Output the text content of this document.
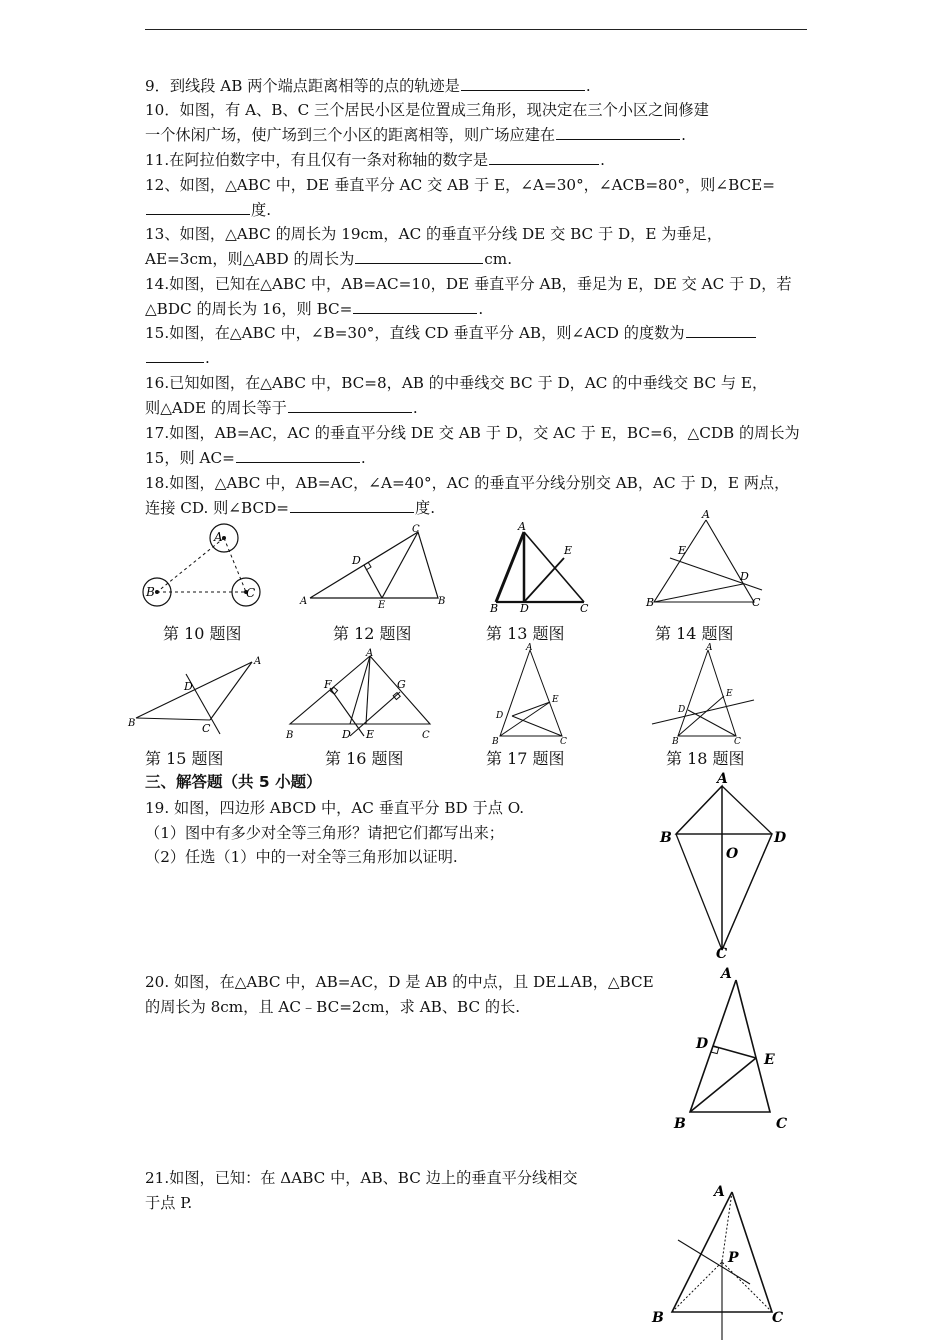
9．到线段 AB 两个端点距离相等的点的轨迹是	.
10．如图，有 A、B、C 三个居民小区是位置成三角形，现决定在三个小区之间修建
一个休闲广场，使广场到三个小区的距离相等，则广场应建在	.
11.在阿拉伯数字中，有且仅有一条对称轴的数字是	.
12、如图，△ABC 中，DE 垂直平分 AC 交 AB 于 E，∠A=30°，∠ACB=80°，则∠BCE=
度.
13、如图，△ABC 的周长为 19cm，AC 的垂直平分线 DE 交 BC 于 D，E 为垂足，
AE=3cm，则△ABD 的周长为	cm.
14.如图，已知在△ABC 中，AB=AC=10，DE 垂直平分 AB，垂足为 E，DE 交 AC 于 D，若
△BDC 的周长为 16，则 BC=	.
15.如图，在△ABC 中，∠B=30°，直线 CD 垂直平分 AB，则∠ACD 的度数为
.
16.已知如图，在△ABC 中，BC=8，AB 的中垂线交 BC 于 D，AC 的中垂线交 BC 与 E，
则△ADE 的周长等于	.
17.如图，AB=AC，AC 的垂直平分线 DE 交 AB 于 D，交 AC 于 E，BC=6，△CDB 的周长为
15，则 AC=	.
18.如图，△ABC 中，AB=AC，∠A=40°，AC 的垂直平分线分别交 AB，AC 于 D，E 两点，
连接 CD. 则∠BCD=	度.
A
B	C
A
D
C
E	B
A
E
B D	C
A
E
D
B	C
第 10 题图	第 12 题图	第 13 题图	第 14 题图
A
D
B	C
A
F	G
B	D E	C
A
E
D
B	C
A
E
D
B	C
第 15 题图	第 16 题图	第 17 题图	第 18 题图
三、解答题（共 5 小题）
19. 如图，四边形 ABCD 中，AC 垂直平分 BD 于点 O.
（1）图中有多少对全等三角形？请把它们都写出来；
（2）任选（1）中的一对全等三角形加以证明.
A
B	D
O
C
20. 如图，在△ABC 中，AB=AC，D 是 AB 的中点，且 DE⊥AB，△BCE
的周长为 8cm，且 AC﹣BC=2cm，求 AB、BC 的长.
A
D
E
B	C
21.如图，已知：在 ΔABC 中，AB、BC 边上的垂直平分线相交
于点 P.
A
P
B	C
